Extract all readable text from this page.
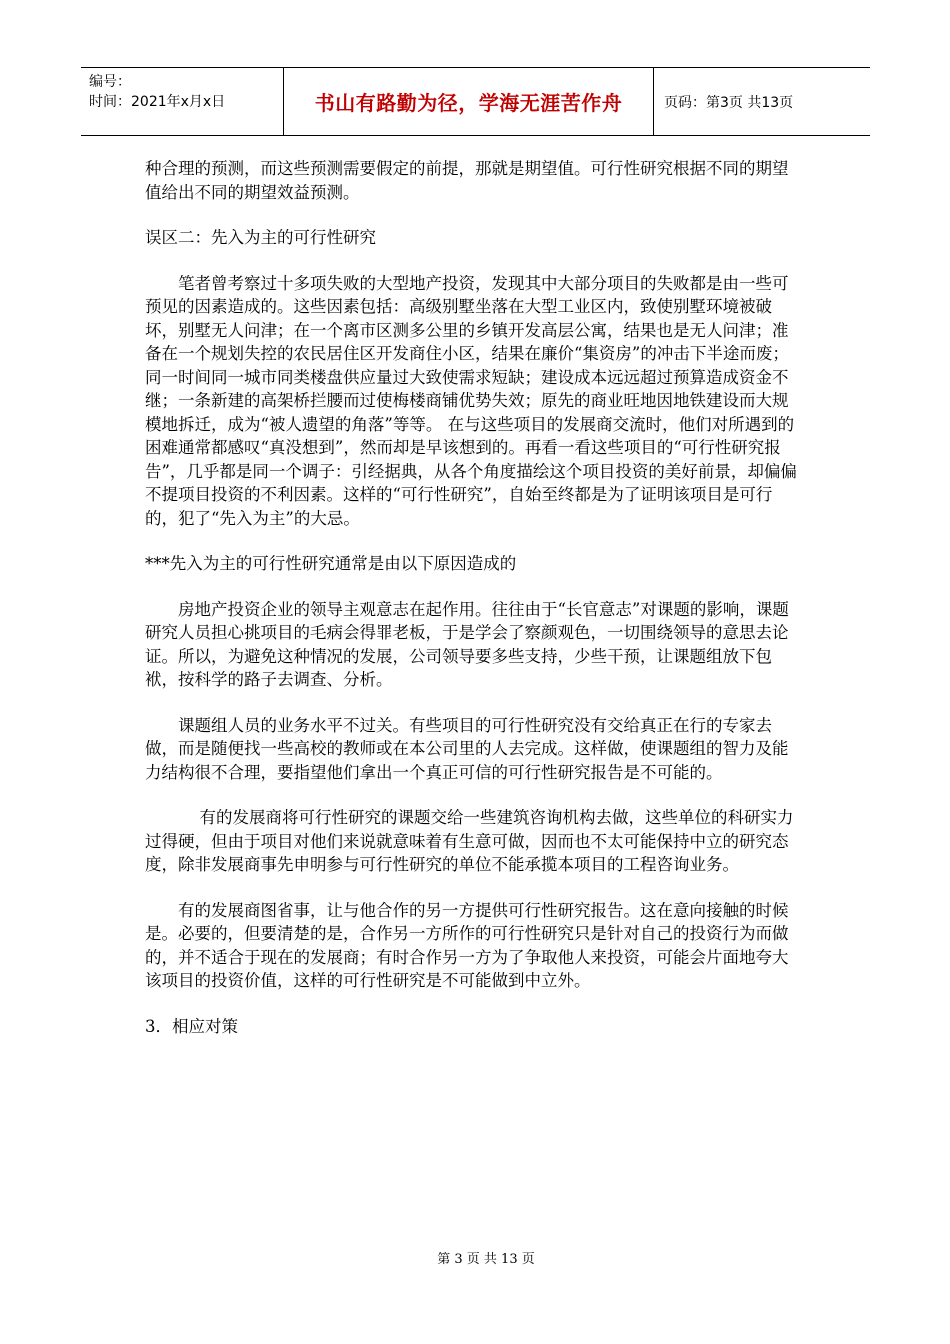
编号：
时间：2021年x月x日	书山有路勤为径，学海无涯苦作舟	页码：第3页 共13页

种合理的预测，而这些预测需要假定的前提，那就是期望值。可行性研究根据不同的期望值给出不同的期望效益预测。

误区二：先入为主的可行性研究

笔者曾考察过十多项失败的大型地产投资，发现其中大部分项目的失败都是由一些可预见的因素造成的。这些因素包括：高级别墅坐落在大型工业区内，致使别墅环境被破坏，别墅无人问津；在一个离市区测多公里的乡镇开发高层公寓，结果也是无人问津；准备在一个规划失控的农民居住区开发商住小区，结果在廉价“集资房”的冲击下半途而废；同一时间同一城市同类楼盘供应量过大致使需求短缺；建设成本远远超过预算造成资金不继；一条新建的高架桥拦腰而过使梅楼商铺优势失效；原先的商业旺地因地铁建设而大规模地拆迁，成为“被人遗望的角落”等等。 在与这些项目的发展商交流时，他们对所遇到的困难通常都感叹“真没想到”，然而却是早该想到的。再看一看这些项目的“可行性研究报告”，几乎都是同一个调子：引经据典，从各个角度描绘这个项目投资的美好前景，却偏偏不提项目投资的不利因素。这样的“可行性研究”，自始至终都是为了证明该项目是可行的，犯了“先入为主”的大忌。

***先入为主的可行性研究通常是由以下原因造成的

房地产投资企业的领导主观意志在起作用。往往由于“长官意志”对课题的影响，课题研究人员担心挑项目的毛病会得罪老板，于是学会了察颜观色，一切围绕领导的意思去论证。所以，为避免这种情况的发展，公司领导要多些支持，少些干预，让课题组放下包袱，按科学的路子去调查、分析。

课题组人员的业务水平不过关。有些项目的可行性研究没有交给真正在行的专家去做，而是随便找一些高校的教师或在本公司里的人去完成。这样做，使课题组的智力及能力结构很不合理，要指望他们拿出一个真正可信的可行性研究报告是不可能的。

有的发展商将可行性研究的课题交给一些建筑咨询机构去做，这些单位的科研实力过得硬，但由于项目对他们来说就意味着有生意可做，因而也不太可能保持中立的研究态度，除非发展商事先申明参与可行性研究的单位不能承揽本项目的工程咨询业务。

有的发展商图省事，让与他合作的另一方提供可行性研究报告。这在意向接触的时候是。必要的，但要清楚的是，合作另一方所作的可行性研究只是针对自己的投资行为而做的，并不适合于现在的发展商；有时合作另一方为了争取他人来投资，可能会片面地夸大该项目的投资价值，这样的可行性研究是不可能做到中立外。

3．相应对策

第 3 页 共 13 页
